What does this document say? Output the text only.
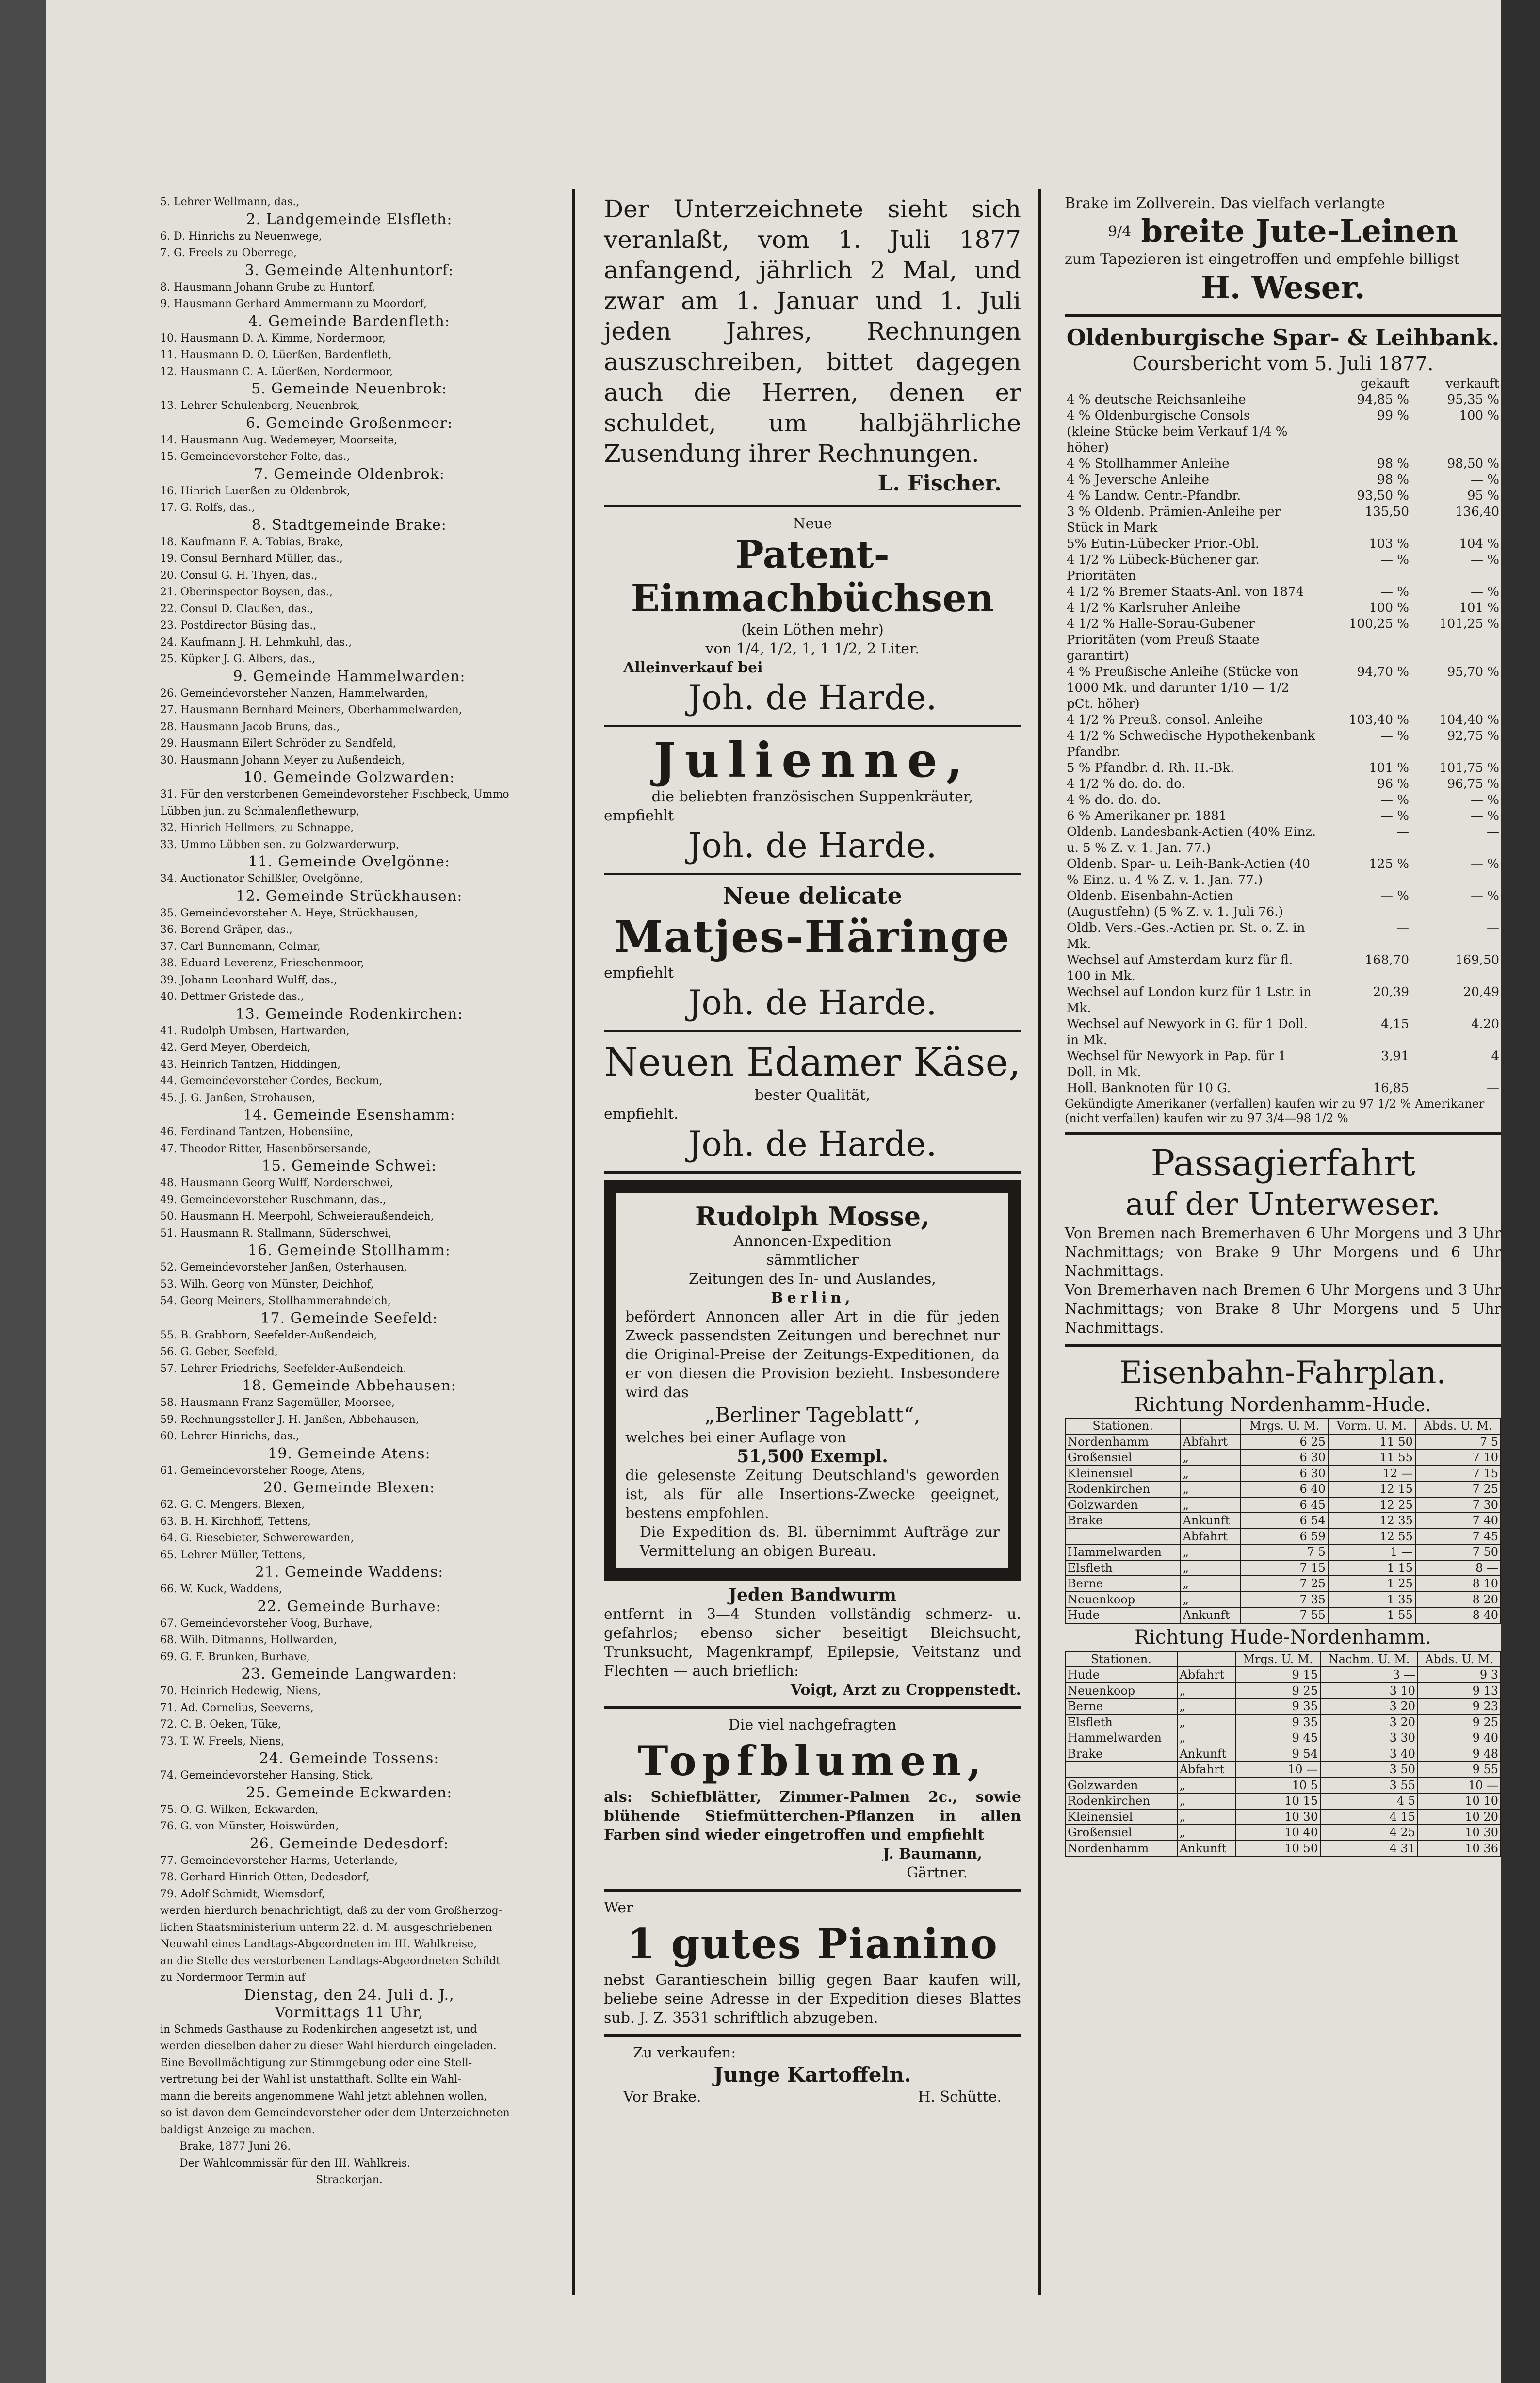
5. Lehrer Wellmann, das.,
2. Landgemeinde Elsfleth:
6. D. Hinrichs zu Neuenwege,
7. G. Freels zu Oberrege,
3. Gemeinde Altenhuntorf:
8. Hausmann Johann Grube zu Huntorf,
9. Hausmann Gerhard Ammermann zu Moordorf,
4. Gemeinde Bardenfleth:
10. Hausmann D. A. Kimme, Nordermoor,
11. Hausmann D. O. Lüerßen, Bardenfleth,
12. Hausmann C. A. Lüerßen, Nordermoor,
5. Gemeinde Neuenbrok:
13. Lehrer Schulenberg, Neuenbrok,
6. Gemeinde Großenmeer:
14. Hausmann Aug. Wedemeyer, Moorseite,
15. Gemeindevorsteher Folte, das.,
7. Gemeinde Oldenbrok:
16. Hinrich Luerßen zu Oldenbrok,
17. G. Rolfs, das.,
8. Stadtgemeinde Brake:
18. Kaufmann F. A. Tobias, Brake,
19. Consul Bernhard Müller, das.,
20. Consul G. H. Thyen, das.,
21. Oberinspector Boysen, das.,
22. Consul D. Claußen, das.,
23. Postdirector Büsing das.,
24. Kaufmann J. H. Lehmkuhl, das.,
25. Küpker J. G. Albers, das.,
9. Gemeinde Hammelwarden:
26. Gemeindevorsteher Nanzen, Hammelwarden,
27. Hausmann Bernhard Meiners, Oberhammelwarden,
28. Hausmann Jacob Bruns, das.,
29. Hausmann Eilert Schröder zu Sandfeld,
30. Hausmann Johann Meyer zu Außendeich,
10. Gemeinde Golzwarden:
31. Für den verstorbenen Gemeindevorsteher Fischbeck, Ummo
Lübben jun. zu Schmalenflethewurp,
32. Hinrich Hellmers, zu Schnappe,
33. Ummo Lübben sen. zu Golzwarderwurp,
11. Gemeinde Ovelgönne:
34. Auctionator Schilßler, Ovelgönne,
12. Gemeinde Strückhausen:
35. Gemeindevorsteher A. Heye, Strückhausen,
36. Berend Gräper, das.,
37. Carl Bunnemann, Colmar,
38. Eduard Leverenz, Frieschenmoor,
39. Johann Leonhard Wulff, das.,
40. Dettmer Gristede das.,
13. Gemeinde Rodenkirchen:
41. Rudolph Umbsen, Hartwarden,
42. Gerd Meyer, Oberdeich,
43. Heinrich Tantzen, Hiddingen,
44. Gemeindevorsteher Cordes, Beckum,
45. J. G. Janßen, Strohausen,
14. Gemeinde Esenshamm:
46. Ferdinand Tantzen, Hobensiine,
47. Theodor Ritter, Hasenbörsersande,
15. Gemeinde Schwei:
48. Hausmann Georg Wulff, Norderschwei,
49. Gemeindevorsteher Ruschmann, das.,
50. Hausmann H. Meerpohl, Schweieraußendeich,
51. Hausmann R. Stallmann, Süderschwei,
16. Gemeinde Stollhamm:
52. Gemeindevorsteher Janßen, Osterhausen,
53. Wilh. Georg von Münster, Deichhof,
54. Georg Meiners, Stollhammerahndeich,
17. Gemeinde Seefeld:
55. B. Grabhorn, Seefelder-Außendeich,
56. G. Geber, Seefeld,
57. Lehrer Friedrichs, Seefelder-Außendeich.
18. Gemeinde Abbehausen:
58. Hausmann Franz Sagemüller, Moorsee,
59. Rechnungssteller J. H. Janßen, Abbehausen,
60. Lehrer Hinrichs, das.,
19. Gemeinde Atens:
61. Gemeindevorsteher Rooge, Atens,
20. Gemeinde Blexen:
62. G. C. Mengers, Blexen,
63. B. H. Kirchhoff, Tettens,
64. G. Riesebieter, Schwerewarden,
65. Lehrer Müller, Tettens,
21. Gemeinde Waddens:
66. W. Kuck, Waddens,
22. Gemeinde Burhave:
67. Gemeindevorsteher Voog, Burhave,
68. Wilh. Ditmanns, Hollwarden,
69. G. F. Brunken, Burhave,
23. Gemeinde Langwarden:
70. Heinrich Hedewig, Niens,
71. Ad. Cornelius, Seeverns,
72. C. B. Oeken, Tüke,
73. T. W. Freels, Niens,
24. Gemeinde Tossens:
74. Gemeindevorsteher Hansing, Stick,
25. Gemeinde Eckwarden:
75. O. G. Wilken, Eckwarden,
76. G. von Münster, Hoiswürden,
26. Gemeinde Dedesdorf:
77. Gemeindevorsteher Harms, Ueterlande,
78. Gerhard Hinrich Otten, Dedesdorf,
79. Adolf Schmidt, Wiemsdorf,
werden hierdurch benachrichtigt, daß zu der vom Großherzog-
lichen Staatsministerium unterm 22. d. M. ausgeschriebenen
Neuwahl eines Landtags-Abgeordneten im III. Wahlkreise,
an die Stelle des verstorbenen Landtags-Abgeordneten Schildt
zu Nordermoor Termin auf
Dienstag, den 24. Juli d. J.,
Vormittags 11 Uhr,
in Schmeds Gasthause zu Rodenkirchen angesetzt ist, und
werden dieselben daher zu dieser Wahl hierdurch eingeladen.
Eine Bevollmächtigung zur Stimmgebung oder eine Stell-
vertretung bei der Wahl ist unstatthaft. Sollte ein Wahl-
mann die bereits angenommene Wahl jetzt ablehnen wollen,
so ist davon dem Gemeindevorsteher oder dem Unterzeichneten
baldigst Anzeige zu machen.
Brake, 1877 Juni 26.
Der Wahlcommissär für den III. Wahlkreis.
Strackerjan.
Der Unterzeichnete sieht sich veranlaßt, vom 1. Juli 1877 anfangend, jährlich 2 Mal, und zwar am 1. Januar und 1. Juli jeden Jahres, Rechnungen auszuschreiben, bittet dagegen auch die Herren, denen er schuldet, um halbjährliche Zusendung ihrer Rechnungen.
L. Fischer.
Neue
Patent-Einmachbüchsen
(kein Löthen mehr)
von 1/4, 1/2, 1, 1 1/2, 2 Liter.
Alleinverkauf bei
Joh. de Harde.
Julienne,
die beliebten französischen Suppenkräuter,
empfiehlt
Joh. de Harde.
Neue delicate
Matjes-Häringe
empfiehlt
Joh. de Harde.
Neuen Edamer Käse,
bester Qualität,
empfiehlt.
Joh. de Harde.
Rudolph Mosse,
Annoncen-Expedition
sämmtlicher
Zeitungen des In- und Auslandes,
Berlin,
befördert Annoncen aller Art in die für jeden Zweck passendsten Zeitungen und berechnet nur die Original-Preise der Zeitungs-Expeditionen, da er von diesen die Provision bezieht. Insbesondere wird das
„Berliner Tageblatt“,
welches bei einer Auflage von
51,500 Exempl.
die gelesenste Zeitung Deutschland's geworden ist, als für alle Insertions-Zwecke geeignet, bestens empfohlen.
Die Expedition ds. Bl. übernimmt Aufträge zur Vermittelung an obigen Bureau.
Jeden Bandwurm
entfernt in 3—4 Stunden vollständig schmerz- u. gefahrlos; ebenso sicher beseitigt Bleichsucht, Trunksucht, Magenkrampf, Epilepsie, Veitstanz und Flechten — auch brieflich:
Voigt, Arzt zu Croppenstedt.
Die viel nachgefragten
Topfblumen,
als: Schiefblätter, Zimmer-Palmen 2c., sowie blühende Stiefmütterchen-Pflanzen in allen Farben sind wieder eingetroffen und empfiehlt
J. Baumann,
Gärtner.
Wer
1 gutes Pianino
nebst Garantieschein billig gegen Baar kaufen will, beliebe seine Adresse in der Expedition dieses Blattes sub. J. Z. 3531 schriftlich abzugeben.
Zu verkaufen:
Junge Kartoffeln.
Vor Brake.	H. Schütte.
Brake im Zollverein. Das vielfach verlangte
9/4 breite Jute-Leinen
zum Tapezieren ist eingetroffen und empfehle billigst
H. Weser.
Oldenburgische Spar- & Leihbank.
Coursbericht vom 5. Juli 1877.
	gekauft	verkauft
4 % deutsche Reichsanleihe	94,85 %	95,35 %
4 % Oldenburgische Consols	99 %	100 %
(kleine Stücke beim Verkauf 1/4 % höher)		
4 % Stollhammer Anleihe	98 %	98,50 %
4 % Jeversche Anleihe	98 %	— %
4 % Landw. Centr.-Pfandbr.	93,50 %	95 %
3 % Oldenb. Prämien-Anleihe per Stück in Mark	135,50	136,40
5% Eutin-Lübecker Prior.-Obl.	103 %	104 %
4 1/2 % Lübeck-Büchener gar. Prioritäten	— %	— %
4 1/2 % Bremer Staats-Anl. von 1874	— %	— %
4 1/2 % Karlsruher Anleihe	100 %	101 %
4 1/2 % Halle-Sorau-Gubener Prioritäten (vom Preuß Staate garantirt)	100,25 %	101,25 %
4 % Preußische Anleihe (Stücke von 1000 Mk. und darunter 1/10 — 1/2 pCt. höher)	94,70 %	95,70 %
4 1/2 % Preuß. consol. Anleihe	103,40 %	104,40 %
4 1/2 % Schwedische Hypothekenbank Pfandbr.	— %	92,75 %
5 % Pfandbr. d. Rh. H.-Bk.	101 %	101,75 %
4 1/2 % do. do. do.	96 %	96,75 %
4 % do. do. do.	— %	— %
6 % Amerikaner pr. 1881	— %	— %
Oldenb. Landesbank-Actien (40% Einz. u. 5 % Z. v. 1. Jan. 77.)	—	—
Oldenb. Spar- u. Leih-Bank-Actien (40 % Einz. u. 4 % Z. v. 1. Jan. 77.)	125 %	— %
Oldenb. Eisenbahn-Actien (Augustfehn) (5 % Z. v. 1. Juli 76.)	— %	— %
Oldb. Vers.-Ges.-Actien pr. St. o. Z. in Mk.	—	—
Wechsel auf Amsterdam kurz für fl. 100 in Mk.	168,70	169,50
Wechsel auf London kurz für 1 Lstr. in Mk.	20,39	20,49
Wechsel auf Newyork in G. für 1 Doll. in Mk.	4,15	4.20
Wechsel für Newyork in Pap. für 1 Doll. in Mk.	3,91	4
Holl. Banknoten für 10 G.	16,85	—
Gekündigte Amerikaner (verfallen) kaufen wir zu 97 1/2 % Amerikaner (nicht verfallen) kaufen wir zu 97 3/4—98 1/2 %
Passagierfahrt
auf der Unterweser.
Von Bremen nach Bremerhaven 6 Uhr Morgens und 3 Uhr Nachmittags; von Brake 9 Uhr Morgens und 6 Uhr Nachmittags.
Von Bremerhaven nach Bremen 6 Uhr Morgens und 3 Uhr Nachmittags; von Brake 8 Uhr Morgens und 5 Uhr Nachmittags.
Eisenbahn-Fahrplan.
Richtung Nordenhamm-Hude.
Stationen.		Mrgs. U. M.	Vorm. U. M.	Abds. U. M.
Nordenhamm	Abfahrt	6 25	11 50	7 5
Großensiel	„	6 30	11 55	7 10
Kleinensiel	„	6 30	12 —	7 15
Rodenkirchen	„	6 40	12 15	7 25
Golzwarden	„	6 45	12 25	7 30
Brake	Ankunft	6 54	12 35	7 40
	Abfahrt	6 59	12 55	7 45
Hammelwarden	„	7 5	1 —	7 50
Elsfleth	„	7 15	1 15	8 —
Berne	„	7 25	1 25	8 10
Neuenkoop	„	7 35	1 35	8 20
Hude	Ankunft	7 55	1 55	8 40
Richtung Hude-Nordenhamm.
Stationen.		Mrgs. U. M.	Nachm. U. M.	Abds. U. M.
Hude	Abfahrt	9 15	3 —	9 3
Neuenkoop	„	9 25	3 10	9 13
Berne	„	9 35	3 20	9 23
Elsfleth	„	9 35	3 20	9 25
Hammelwarden	„	9 45	3 30	9 40
Brake	Ankunft	9 54	3 40	9 48
	Abfahrt	10 —	3 50	9 55
Golzwarden	„	10 5	3 55	10 —
Rodenkirchen	„	10 15	4 5	10 10
Kleinensiel	„	10 30	4 15	10 20
Großensiel	„	10 40	4 25	10 30
Nordenhamm	Ankunft	10 50	4 31	10 36
